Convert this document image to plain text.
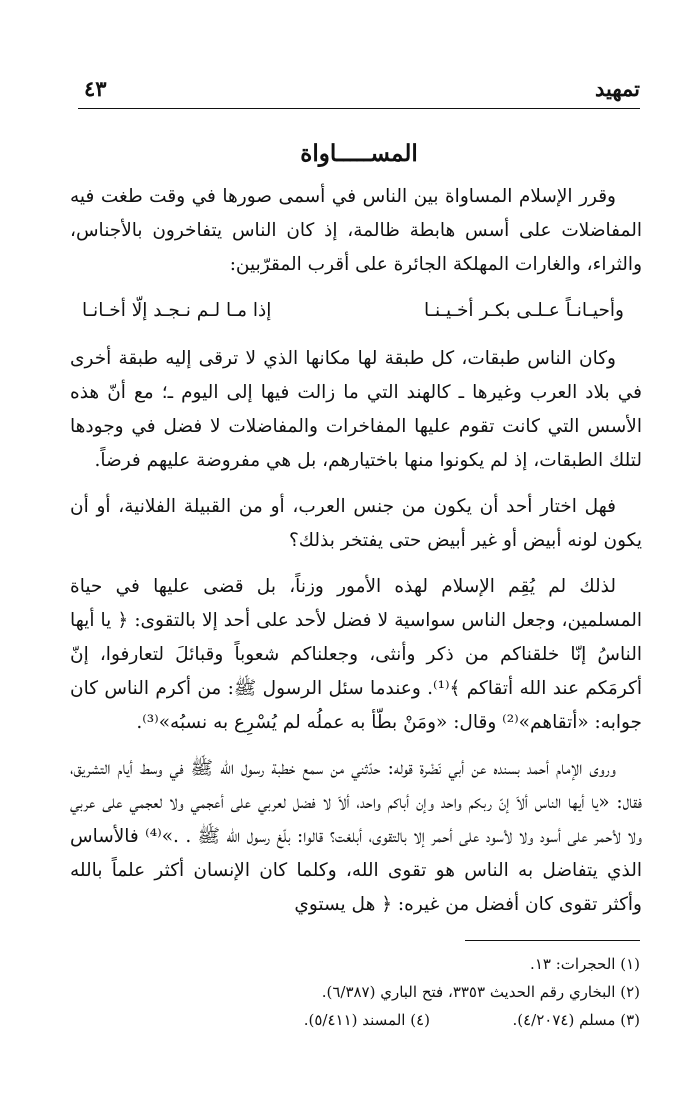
تمهيد
٤٣
المســـــاواة

وقرر الإسلام المساواة بين الناس في أسمى صورها في وقت طغت فيه المفاضلات على أسس هابطة ظالمة، إذ كان الناس يتفاخرون بالأجناس، والثراء، والغارات المهلكة الجائرة على أقرب المقرّبين:

وأحيـانـاً عـلـى بكـر أخـيـنـا
إذا مـا لـم نـجـد إلّا أخـانـا

وكان الناس طبقات، كل طبقة لها مكانها الذي لا ترقى إليه طبقة أخرى في بلاد العرب وغيرها ـ كالهند التي ما زالت فيها إلى اليوم ـ؛ مع أنّ هذه الأسس التي كانت تقوم عليها المفاخرات والمفاضلات لا فضل في وجودها لتلك الطبقات، إذ لم يكونوا منها باختيارهم، بل هي مفروضة عليهم فرضاً.

فهل اختار أحد أن يكون من جنس العرب، أو من القبيلة الفلانية، أو أن يكون لونه أبيض أو غير أبيض حتى يفتخر بذلك؟

لذلك لم يُقِم الإسلام لهذه الأمور وزناً، بل قضى عليها في حياة المسلمين، وجعل الناس سواسية لا فضل لأحد على أحد إلا بالتقوى: ﴿ يا أيها الناسُ إنّا خلقناكم من ذكر وأنثى، وجعلناكم شعوباً وقبائلَ لتعارفوا، إنّ أكرمَكم عند الله أتقاكم ﴾⁽¹⁾. وعندما سئل الرسول ﷺ: من أكرم الناس كان جوابه: «أتقاهم»⁽²⁾ وقال: «ومَنْ بطّأ به عملُه لم يُسْرِع به نسبُه»⁽³⁾.

وروى الإمام أحمد بسنده عن أبي نَضْرة قوله: حدّثني من سمع خطبة رسول الله ﷺ في وسط أيام التشريق، فقال: «يا أيها الناس ألاَ إنّ ربكم واحد وإن أباكم واحد، ألاَ لا فضل لعربي على أعجمي ولا لعجمي على عربي ولا لأحمر على أسود ولا لأسود على أحمر إلا بالتقوى، أبلغت؟ قالوا: بلّغ رسول الله ﷺ . .»⁽⁴⁾ فالأساس الذي يتفاضل به الناس هو تقوى الله، وكلما كان الإنسان أكثر علماً بالله وأكثر تقوى كان أفضل من غيره: ﴿ هل يستوي

(١) الحجرات: ١٣.
(٢) البخاري رقم الحديث ٣٣٥٣، فتح الباري (٦/٣٨٧).
(٣) مسلم (٤/٢٠٧٤).
(٤) المسند (٥/٤١١).
